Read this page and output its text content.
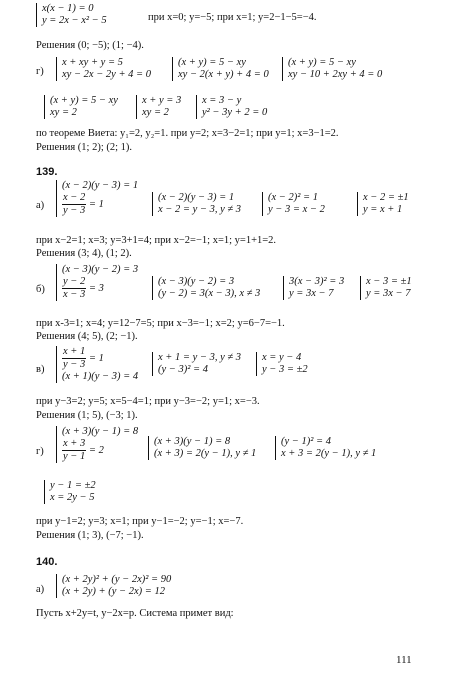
x(x − 1) = 0
y = 2x − x² − 5	при x=0; y=−5; при x=1; y=2−1−5=−4.
Решения (0; −5); (1; −4).
г)
x + xy + y = 5
xy − 2x − 2y + 4 = 0
(x + y) = 5 − xy
xy − 2(x + y) + 4 = 0
(x + y) = 5 − xy
xy − 10 + 2xy + 4 = 0
(x + y) = 5 − xy
xy = 2
x + y = 3
xy = 2
x = 3 − y
y² − 3y + 2 = 0
по теореме Виета: y₁=2, y₂=1. при y=2; x=3−2=1; при y=1; x=3−1=2.
Решения (1; 2); (2; 1).
139.
а)
(x − 2)(y − 3) = 1
$\frac{x - 2}{y - 3} = 1$
(x − 2)(y − 3) = 1
x − 2 = y − 3, y ≠ 3
(x − 2)² = 1
y − 3 = x − 2
x − 2 = ±1
y = x + 1
при x−2=1; x=3; y=3+1=4; при x−2=−1; x=1; y=1+1=2.
Решения (3; 4), (1; 2).
б)
(x − 3)(y − 2) = 3
$\frac{y - 2}{x - 3} = 3$
(x − 3)(y − 2) = 3
(y − 2) = 3(x − 3), x ≠ 3
3(x − 3)² = 3
y = 3x − 7
x − 3 = ±1
y = 3x − 7
при x-3=1; x=4; y=12−7=5; при x−3=−1; x=2; y=6−7=−1.
Решения (4; 5), (2; −1).
$в) \frac{x + 1}{y - 3} = 1$
(x + 1)(y − 3) = 4
x + 1 = y − 3, y ≠ 3
(y − 3)² = 4
x = y − 4
y − 3 = ±2
при y−3=2; y=5; x=5−4=1; при y−3=−2; y=1; x=−3.
Решения (1; 5), (−3; 1).
г)
(x + 3)(y − 1) = 8
$\frac{x + 3}{y - 1} = 2$
(x + 3)(y − 1) = 8
(x + 3) = 2(y − 1), y ≠ 1
(y − 1)² = 4
x + 3 = 2(y − 1), y ≠ 1
y − 1 = ±2
x = 2y − 5
при y−1=2; y=3; x=1; при y−1=−2; y=−1; x=−7.
Решения (1; 3), (−7; −1).
140.
а)
(x + 2y)² + (y − 2x)² = 90
(x + 2y) + (y − 2x) = 12
Пусть x+2y=t, y−2x=p. Система примет вид:
111
